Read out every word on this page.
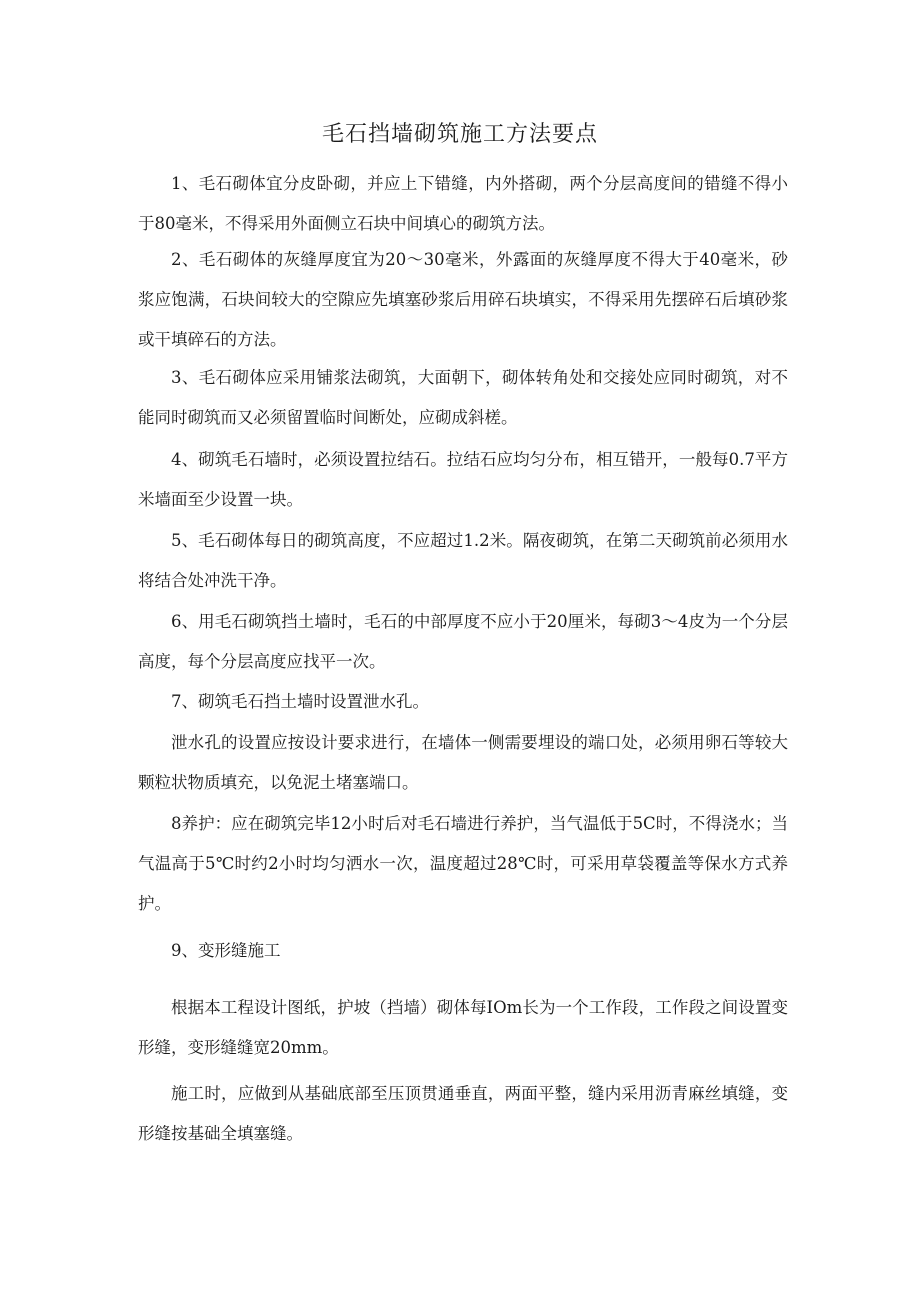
毛石挡墙砌筑施工方法要点

1、毛石砌体宜分皮卧砌，并应上下错缝，内外搭砌，两个分层高度间的错缝不得小于80毫米，不得采用外面侧立石块中间填心的砌筑方法。

2、毛石砌体的灰缝厚度宜为20～30毫米，外露面的灰缝厚度不得大于40毫米，砂浆应饱满，石块间较大的空隙应先填塞砂浆后用碎石块填实，不得采用先摆碎石后填砂浆或干填碎石的方法。

3、毛石砌体应采用铺浆法砌筑，大面朝下，砌体转角处和交接处应同时砌筑，对不能同时砌筑而又必须留置临时间断处，应砌成斜槎。

4、砌筑毛石墙时，必须设置拉结石。拉结石应均匀分布，相互错开，一般每0.7平方米墙面至少设置一块。

5、毛石砌体每日的砌筑高度，不应超过1.2米。隔夜砌筑，在第二天砌筑前必须用水将结合处冲洗干净。

6、用毛石砌筑挡土墙时，毛石的中部厚度不应小于20厘米，每砌3～4皮为一个分层高度，每个分层高度应找平一次。

7、砌筑毛石挡土墙时设置泄水孔。

泄水孔的设置应按设计要求进行，在墙体一侧需要埋设的端口处，必须用卵石等较大颗粒状物质填充，以免泥土堵塞端口。

8养护：应在砌筑完毕12小时后对毛石墙进行养护，当气温低于5C时，不得浇水；当气温高于5℃时约2小时均匀洒水一次，温度超过28℃时，可采用草袋覆盖等保水方式养护。

9、变形缝施工

根据本工程设计图纸，护坡（挡墙）砌体每IOm长为一个工作段，工作段之间设置变形缝，变形缝缝宽20mm。

施工时，应做到从基础底部至压顶贯通垂直，两面平整，缝内采用沥青麻丝填缝，变形缝按基础全填塞缝。
